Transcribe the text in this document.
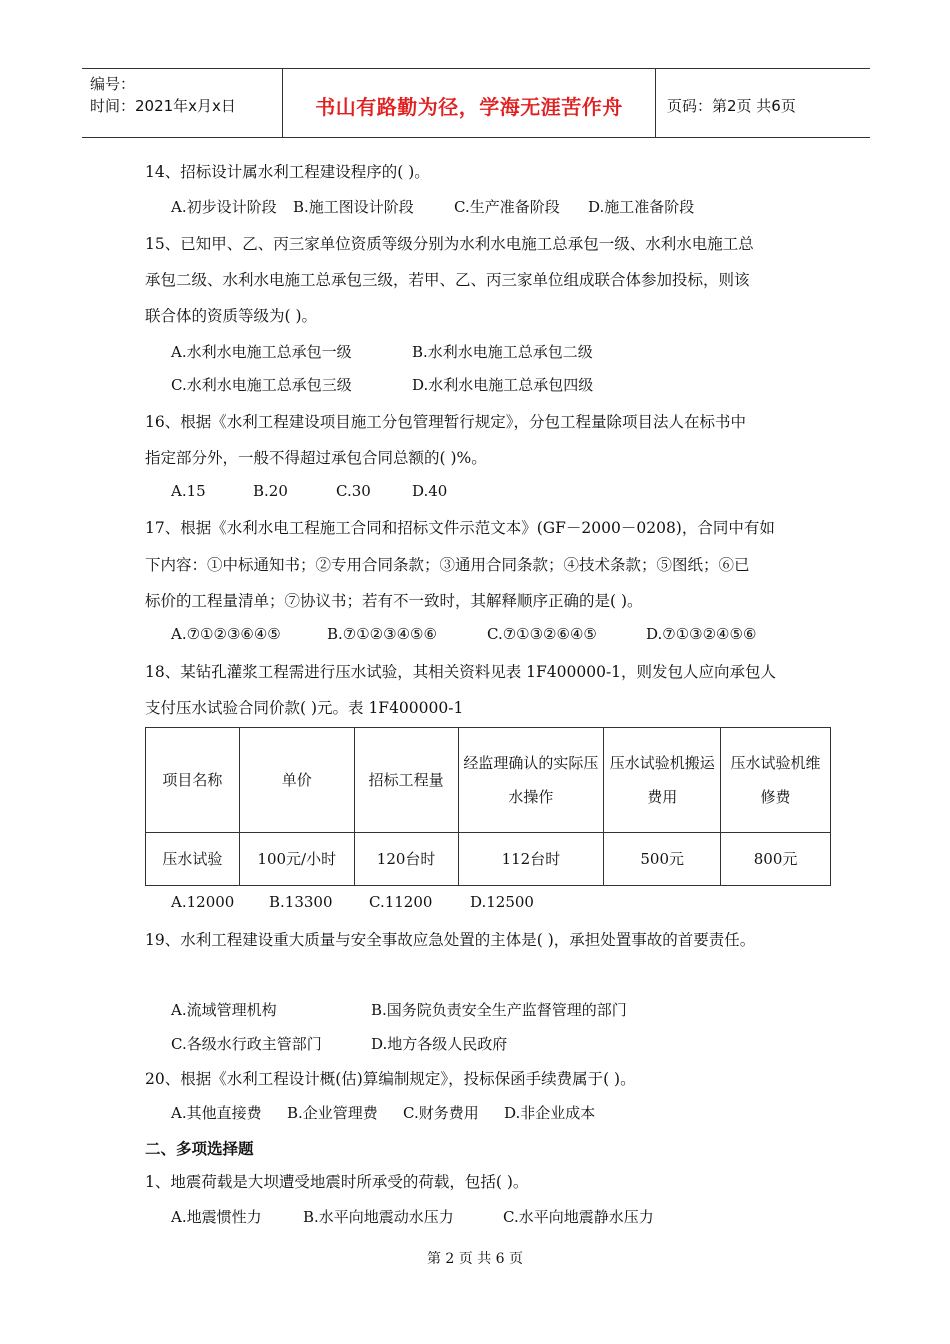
编号：
时间：2021年x月x日	书山有路勤为径，学海无涯苦作舟	页码：第2页 共6页
14、招标设计属水利工程建设程序的( )。
A.初步设计阶段 B.施工图设计阶段	C.生产准备阶段 D.施工准备阶段
15、已知甲、乙、丙三家单位资质等级分别为水利水电施工总承包一级、水利水电施工总
承包二级、水利水电施工总承包三级，若甲、乙、丙三家单位组成联合体参加投标，则该
联合体的资质等级为( )。
A.水利水电施工总承包一级	B.水利水电施工总承包二级
C.水利水电施工总承包三级	D.水利水电施工总承包四级
16、根据《水利工程建设项目施工分包管理暂行规定》，分包工程量除项目法人在标书中
指定部分外，一般不得超过承包合同总额的( )%。
A.15	B.20	C.30	D.40
17、根据《水利水电工程施工合同和招标文件示范文本》(GF－2000－0208)，合同中有如
下内容：①中标通知书；②专用合同条款；③通用合同条款；④技术条款；⑤图纸；⑥已
标价的工程量清单；⑦协议书；若有不一致时，其解释顺序正确的是( )。
A.⑦①②③⑥④⑤	B.⑦①②③④⑤⑥	C.⑦①③②⑥④⑤	D.⑦①③②④⑤⑥
18、某钻孔灌浆工程需进行压水试验，其相关资料见表 1F400000-1，则发包人应向承包人
支付压水试验合同价款( )元。表 1F400000-1
项目名称	单价	招标工程量	经监理确认的实际压水操作	压水试验机搬运费用	压水试验机维修费
压水试验	100元/小时	120台时	112台时	500元	800元
A.12000 B.13300 C.11200	D.12500
19、水利工程建设重大质量与安全事故应急处置的主体是( )，承担处置事故的首要责任。
A.流域管理机构	B.国务院负责安全生产监督管理的部门
C.各级水行政主管部门	D.地方各级人民政府
20、根据《水利工程设计概(估)算编制规定》，投标保函手续费属于( )。
A.其他直接费 B.企业管理费 C.财务费用 D.非企业成本
二、多项选择题
1、地震荷载是大坝遭受地震时所承受的荷载，包括( )。
A.地震惯性力	B.水平向地震动水压力	C.水平向地震静水压力
第 2 页 共 6 页
